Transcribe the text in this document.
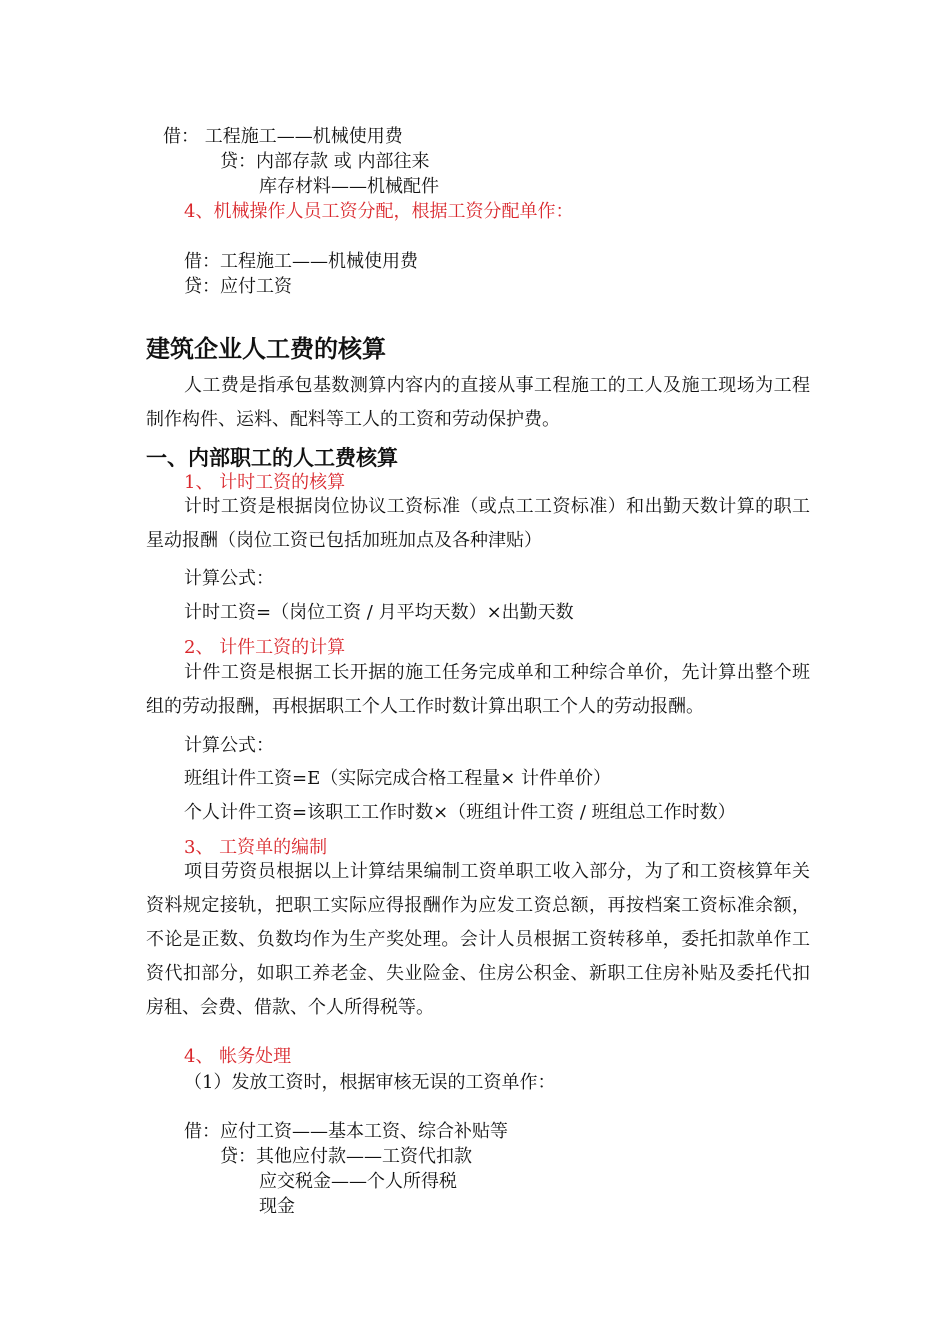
借： 工程施工——机械使用费
贷：内部存款 或 内部往来
库存材料——机械配件
4、机械操作人员工资分配，根据工资分配单作：
借：工程施工——机械使用费
贷：应付工资
建筑企业人工费的核算

人工费是指承包基数测算内容内的直接从事工程施工的工人及施工现场为工程制作构件、运料、配料等工人的工资和劳动保护费。

一、内部职工的人工费核算
1、 计时工资的核算

计时工资是根据岗位协议工资标准（或点工工资标准）和出勤天数计算的职工星动报酬（岗位工资已包括加班加点及各种津贴）

计算公式：
计时工资=（岗位工资 / 月平均天数）×出勤天数
2、 计件工资的计算

计件工资是根据工长开据的施工任务完成单和工种综合单价，先计算出整个班组的劳动报酬，再根据职工个人工作时数计算出职工个人的劳动报酬。

计算公式：
班组计件工资=E（实际完成合格工程量× 计件单价）
个人计件工资=该职工工作时数×（班组计件工资 / 班组总工作时数）
3、 工资单的编制

项目劳资员根据以上计算结果编制工资单职工收入部分，为了和工资核算年关资料规定接轨，把职工实际应得报酬作为应发工资总额，再按档案工资标准余额，不论是正数、负数均作为生产奖处理。会计人员根据工资转移单，委托扣款单作工资代扣部分，如职工养老金、失业险金、住房公积金、新职工住房补贴及委托代扣房租、会费、借款、个人所得税等。

4、 帐务处理
（1）发放工资时，根据审核无误的工资单作：
借：应付工资——基本工资、综合补贴等
贷：其他应付款——工资代扣款
应交税金——个人所得税
现金
